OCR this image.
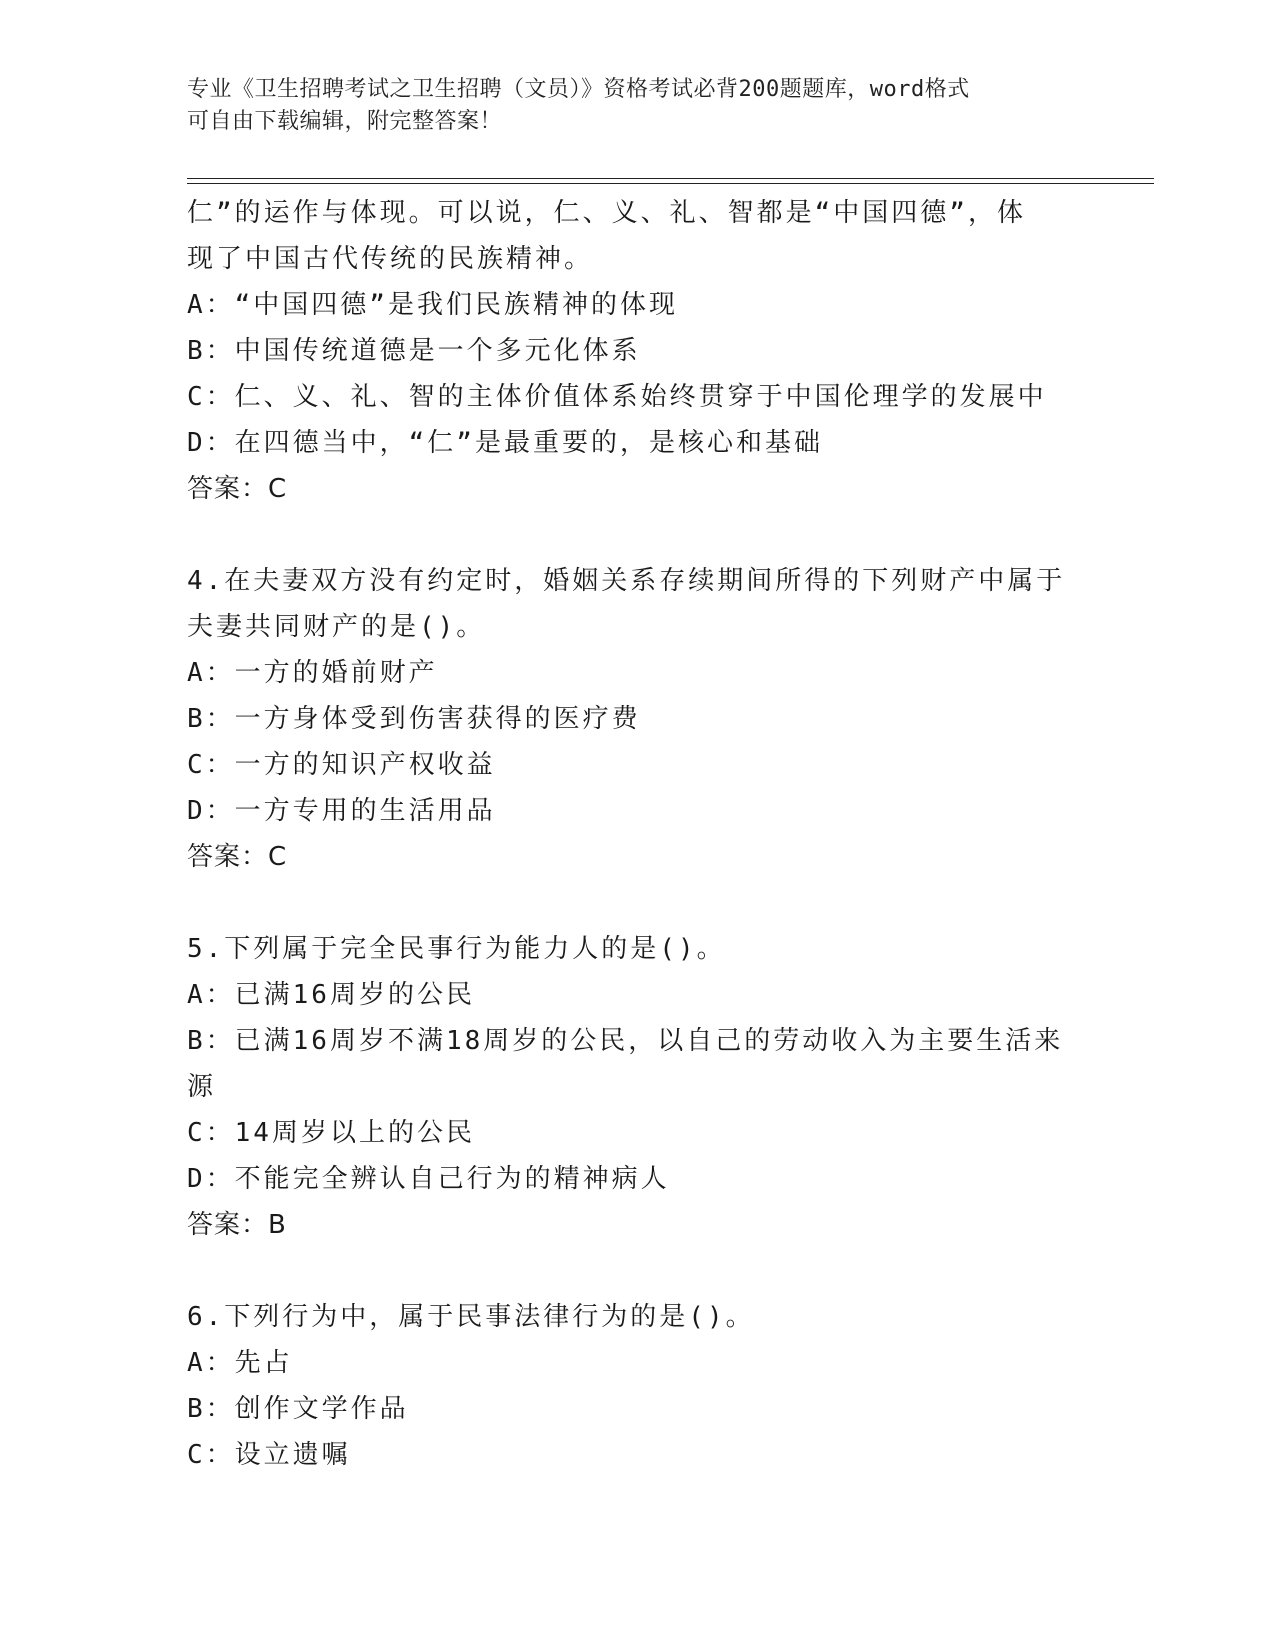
专业《卫生招聘考试之卫生招聘（文员）》资格考试必背200题题库，word格式
可自由下载编辑，附完整答案！
仁”的运作与体现。可以说，仁、义、礼、智都是“中国四德”，体
现了中国古代传统的民族精神。
A：“中国四德”是我们民族精神的体现
B：中国传统道德是一个多元化体系
C：仁、义、礼、智的主体价值体系始终贯穿于中国伦理学的发展中
D：在四德当中，“仁”是最重要的，是核心和基础
答案：C
4.在夫妻双方没有约定时，婚姻关系存续期间所得的下列财产中属于
夫妻共同财产的是()。
A：一方的婚前财产
B：一方身体受到伤害获得的医疗费
C：一方的知识产权收益
D：一方专用的生活用品
答案：C
5.下列属于完全民事行为能力人的是()。
A：已满16周岁的公民
B：已满16周岁不满18周岁的公民，以自己的劳动收入为主要生活来
源
C：14周岁以上的公民
D：不能完全辨认自己行为的精神病人
答案：B
6.下列行为中，属于民事法律行为的是()。
A：先占
B：创作文学作品
C：设立遗嘱
